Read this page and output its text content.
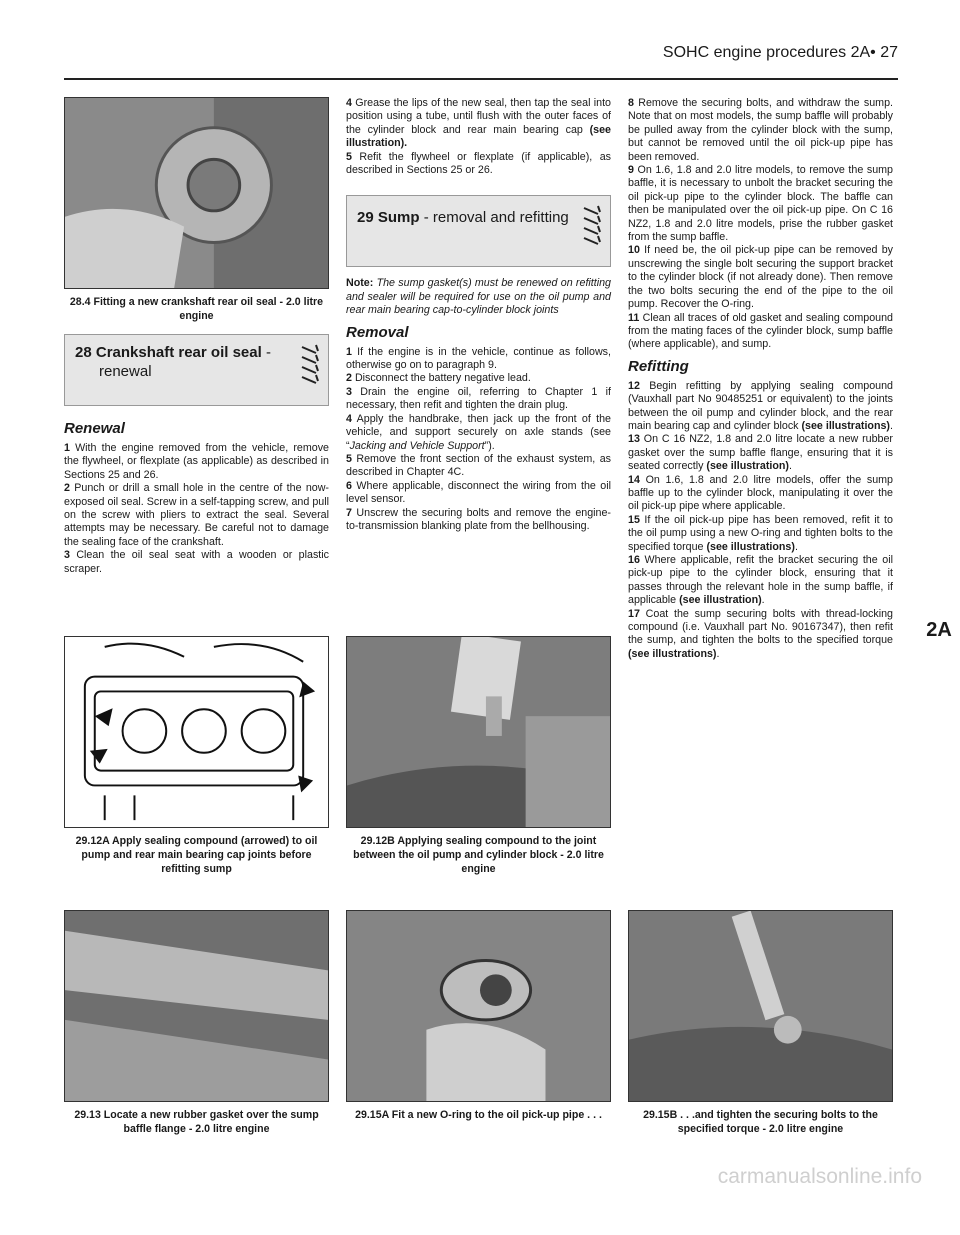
SOHC engine procedures 2A• 27
28.4 Fitting a new crankshaft rear oil seal - 2.0 litre engine
28 Crankshaft rear oil seal -
renewal
Renewal

1 With the engine removed from the vehicle, remove the flywheel, or flexplate (as applicable) as described in Sections 25 and 26.

2 Punch or drill a small hole in the centre of the now-exposed oil seal. Screw in a self-tapping screw, and pull on the screw with pliers to extract the seal. Several attempts may be necessary. Be careful not to damage the sealing face of the crankshaft.

3 Clean the oil seal seat with a wooden or plastic scraper.

4 Grease the lips of the new seal, then tap the seal into position using a tube, until flush with the outer faces of the cylinder block and rear main bearing cap (see illustration).

5 Refit the flywheel or flexplate (if applicable), as described in Sections 25 or 26.

29 Sump - removal and refitting

Note: The sump gasket(s) must be renewed on refitting and sealer will be required for use on the oil pump and rear main bearing cap-to-cylinder block joints

Removal

1 If the engine is in the vehicle, continue as follows, otherwise go on to paragraph 9.

2 Disconnect the battery negative lead.

3 Drain the engine oil, referring to Chapter 1 if necessary, then refit and tighten the drain plug.

4 Apply the handbrake, then jack up the front of the vehicle, and support securely on axle stands (see “Jacking and Vehicle Support”).

5 Remove the front section of the exhaust system, as described in Chapter 4C.

6 Where applicable, disconnect the wiring from the oil level sensor.

7 Unscrew the securing bolts and remove the engine-to-transmission blanking plate from the bellhousing.

8 Remove the securing bolts, and withdraw the sump. Note that on most models, the sump baffle will probably be pulled away from the cylinder block with the sump, but cannot be removed until the oil pick-up pipe has been removed.

9 On 1.6, 1.8 and 2.0 litre models, to remove the sump baffle, it is necessary to unbolt the bracket securing the oil pick-up pipe to the cylinder block. The baffle can then be manipulated over the oil pick-up pipe. On C 16 NZ2, 1.8 and 2.0 litre models, prise the rubber gasket from the sump baffle.

10 If need be, the oil pick-up pipe can be removed by unscrewing the single bolt securing the support bracket to the cylinder block (if not already done). Then remove the two bolts securing the end of the pipe to the oil pump. Recover the O-ring.

11 Clean all traces of old gasket and sealing compound from the mating faces of the cylinder block, sump baffle (where applicable), and sump.

Refitting

12 Begin refitting by applying sealing compound (Vauxhall part No 90485251 or equivalent) to the joints between the oil pump and cylinder block, and the rear main bearing cap and cylinder block (see illustrations).

13 On C 16 NZ2, 1.8 and 2.0 litre locate a new rubber gasket over the sump baffle flange, ensuring that it is seated correctly (see illustration).

14 On 1.6, 1.8 and 2.0 litre models, offer the sump baffle up to the cylinder block, manipulating it over the oil pick-up pipe where applicable.

15 If the oil pick-up pipe has been removed, refit it to the oil pump using a new O-ring and tighten bolts to the specified torque (see illustrations).

16 Where applicable, refit the bracket securing the oil pick-up pipe to the cylinder block, ensuring that it passes through the relevant hole in the sump baffle, if applicable (see illustration).

17 Coat the sump securing bolts with thread-locking compound (i.e. Vauxhall part No. 90167347), then refit the sump, and tighten the bolts to the specified torque (see illustrations).

29.12A Apply sealing compound (arrowed) to oil pump and rear main bearing cap joints before refitting sump
29.12B Applying sealing compound to the joint between the oil pump and cylinder block - 2.0 litre engine
29.13 Locate a new rubber gasket over the sump baffle flange - 2.0 litre engine
29.15A Fit a new O-ring to the oil pick-up pipe . . .	29.15B . . .and tighten the securing bolts to the specified torque - 2.0 litre engine
2A
carmanualsonline.info
